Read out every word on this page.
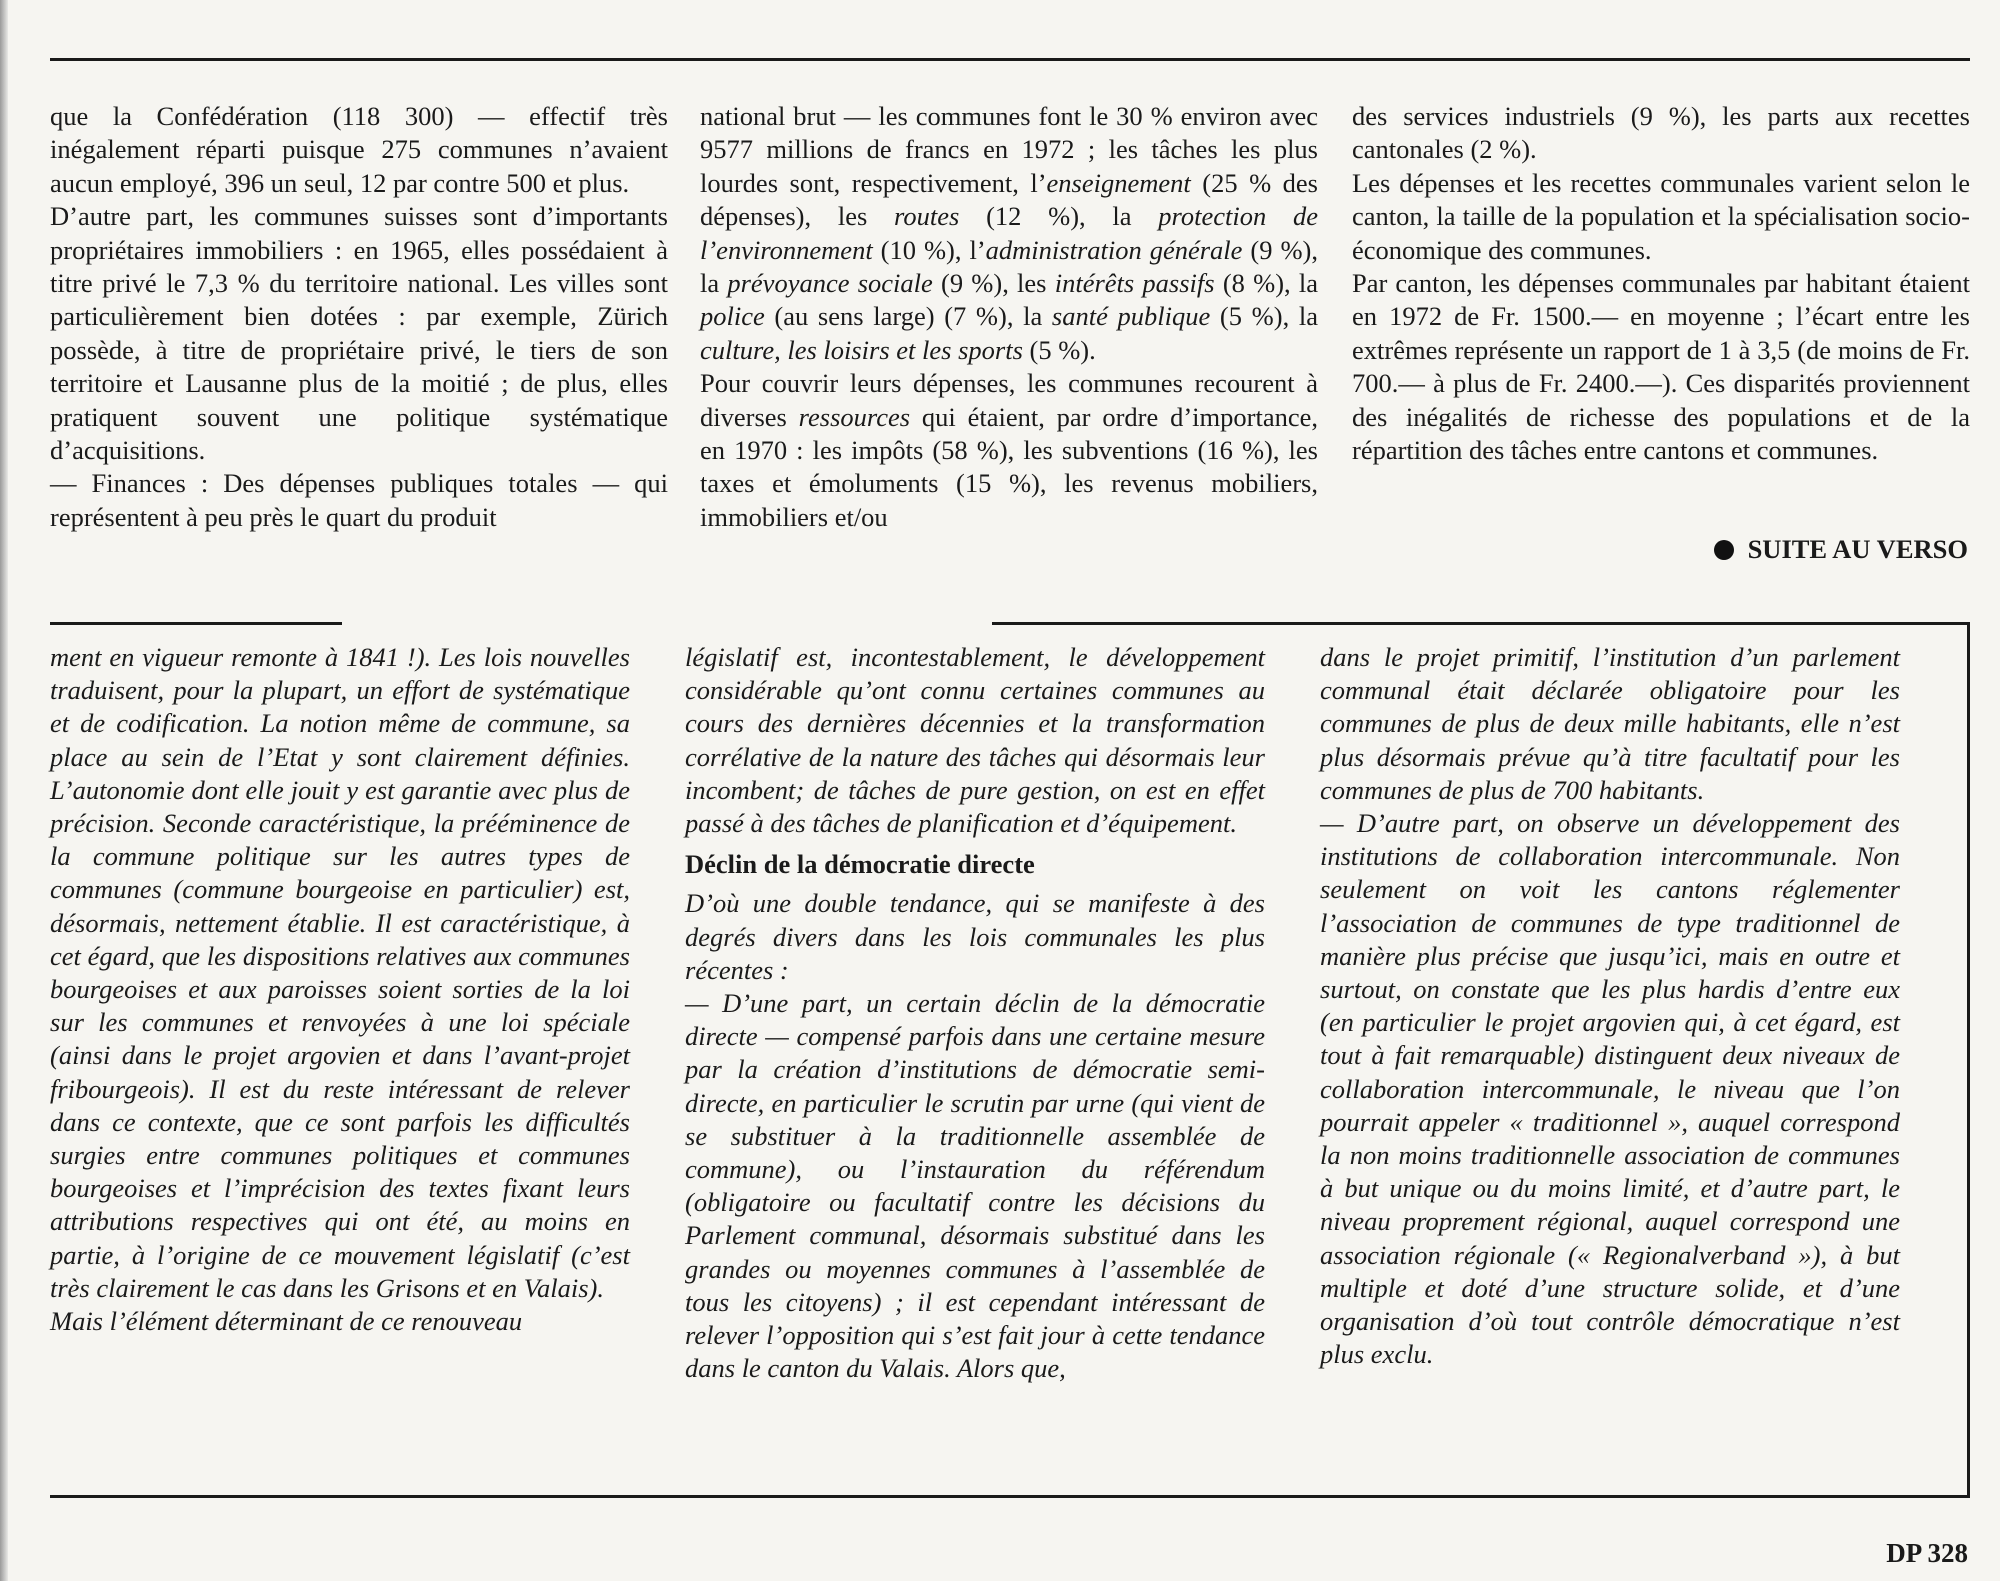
que la Confédération (118 300) — effectif très inégalement réparti puisque 275 communes n’avaient aucun employé, 396 un seul, 12 par contre 500 et plus.

D’autre part, les communes suisses sont d’importants propriétaires immobiliers : en 1965, elles possédaient à titre privé le 7,3 % du territoire national. Les villes sont particulièrement bien dotées : par exemple, Zürich possède, à titre de propriétaire privé, le tiers de son territoire et Lausanne plus de la moitié ; de plus, elles pratiquent souvent une politique systématique d’acquisitions.

— Finances : Des dépenses publiques totales — qui représentent à peu près le quart du produit

national brut — les communes font le 30 % environ avec 9577 millions de francs en 1972 ; les tâches les plus lourdes sont, respectivement, l’enseignement (25 % des dépenses), les routes (12 %), la protection de l’environnement (10 %), l’administration générale (9 %), la prévoyance sociale (9 %), les intérêts passifs (8 %), la police (au sens large) (7 %), la santé publique (5 %), la culture, les loisirs et les sports (5 %).

Pour couvrir leurs dépenses, les communes recourent à diverses ressources qui étaient, par ordre d’importance, en 1970 : les impôts (58 %), les subventions (16 %), les taxes et émoluments (15 %), les revenus mobiliers, immobiliers et/ou

des services industriels (9 %), les parts aux recettes cantonales (2 %).

Les dépenses et les recettes communales varient selon le canton, la taille de la population et la spécialisation socio-économique des communes.

Par canton, les dépenses communales par habitant étaient en 1972 de Fr. 1500.— en moyenne ; l’écart entre les extrêmes représente un rapport de 1 à 3,5 (de moins de Fr. 700.— à plus de Fr. 2400.—). Ces disparités proviennent des inégalités de richesse des populations et de la répartition des tâches entre cantons et communes.

SUITE AU VERSO

ment en vigueur remonte à 1841 !). Les lois nouvelles traduisent, pour la plupart, un effort de systématique et de codification. La notion même de commune, sa place au sein de l’Etat y sont clairement définies. L’autonomie dont elle jouit y est garantie avec plus de précision. Seconde caractéristique, la prééminence de la commune politique sur les autres types de communes (commune bourgeoise en particulier) est, désormais, nettement établie. Il est caractéristique, à cet égard, que les dispositions relatives aux communes bourgeoises et aux paroisses soient sorties de la loi sur les communes et renvoyées à une loi spéciale (ainsi dans le projet argovien et dans l’avant-projet fribourgeois). Il est du reste intéressant de relever dans ce contexte, que ce sont parfois les difficultés surgies entre communes politiques et communes bourgeoises et l’imprécision des textes fixant leurs attributions respectives qui ont été, au moins en partie, à l’origine de ce mouvement législatif (c’est très clairement le cas dans les Grisons et en Valais).

Mais l’élément déterminant de ce renouveau

législatif est, incontestablement, le développement considérable qu’ont connu certaines communes au cours des dernières décennies et la transformation corrélative de la nature des tâches qui désormais leur incombent; de tâches de pure gestion, on est en effet passé à des tâches de planification et d’équipement.

Déclin de la démocratie directe

D’où une double tendance, qui se manifeste à des degrés divers dans les lois communales les plus récentes :

— D’une part, un certain déclin de la démocratie directe — compensé parfois dans une certaine mesure par la création d’institutions de démocratie semi-directe, en particulier le scrutin par urne (qui vient de se substituer à la traditionnelle assemblée de commune), ou l’instauration du référendum (obligatoire ou facultatif contre les décisions du Parlement communal, désormais substitué dans les grandes ou moyennes communes à l’assemblée de tous les citoyens) ; il est cependant intéressant de relever l’opposition qui s’est fait jour à cette tendance dans le canton du Valais. Alors que,

dans le projet primitif, l’institution d’un parlement communal était déclarée obligatoire pour les communes de plus de deux mille habitants, elle n’est plus désormais prévue qu’à titre facultatif pour les communes de plus de 700 habitants.

— D’autre part, on observe un développement des institutions de collaboration intercommunale. Non seulement on voit les cantons réglementer l’association de communes de type traditionnel de manière plus précise que jusqu’ici, mais en outre et surtout, on constate que les plus hardis d’entre eux (en particulier le projet argovien qui, à cet égard, est tout à fait remarquable) distinguent deux niveaux de collaboration intercommunale, le niveau que l’on pourrait appeler « traditionnel », auquel correspond la non moins traditionnelle association de communes à but unique ou du moins limité, et d’autre part, le niveau proprement régional, auquel correspond une association régionale (« Regionalverband »), à but multiple et doté d’une structure solide, et d’une organisation d’où tout contrôle démocratique n’est plus exclu.

DP 328
